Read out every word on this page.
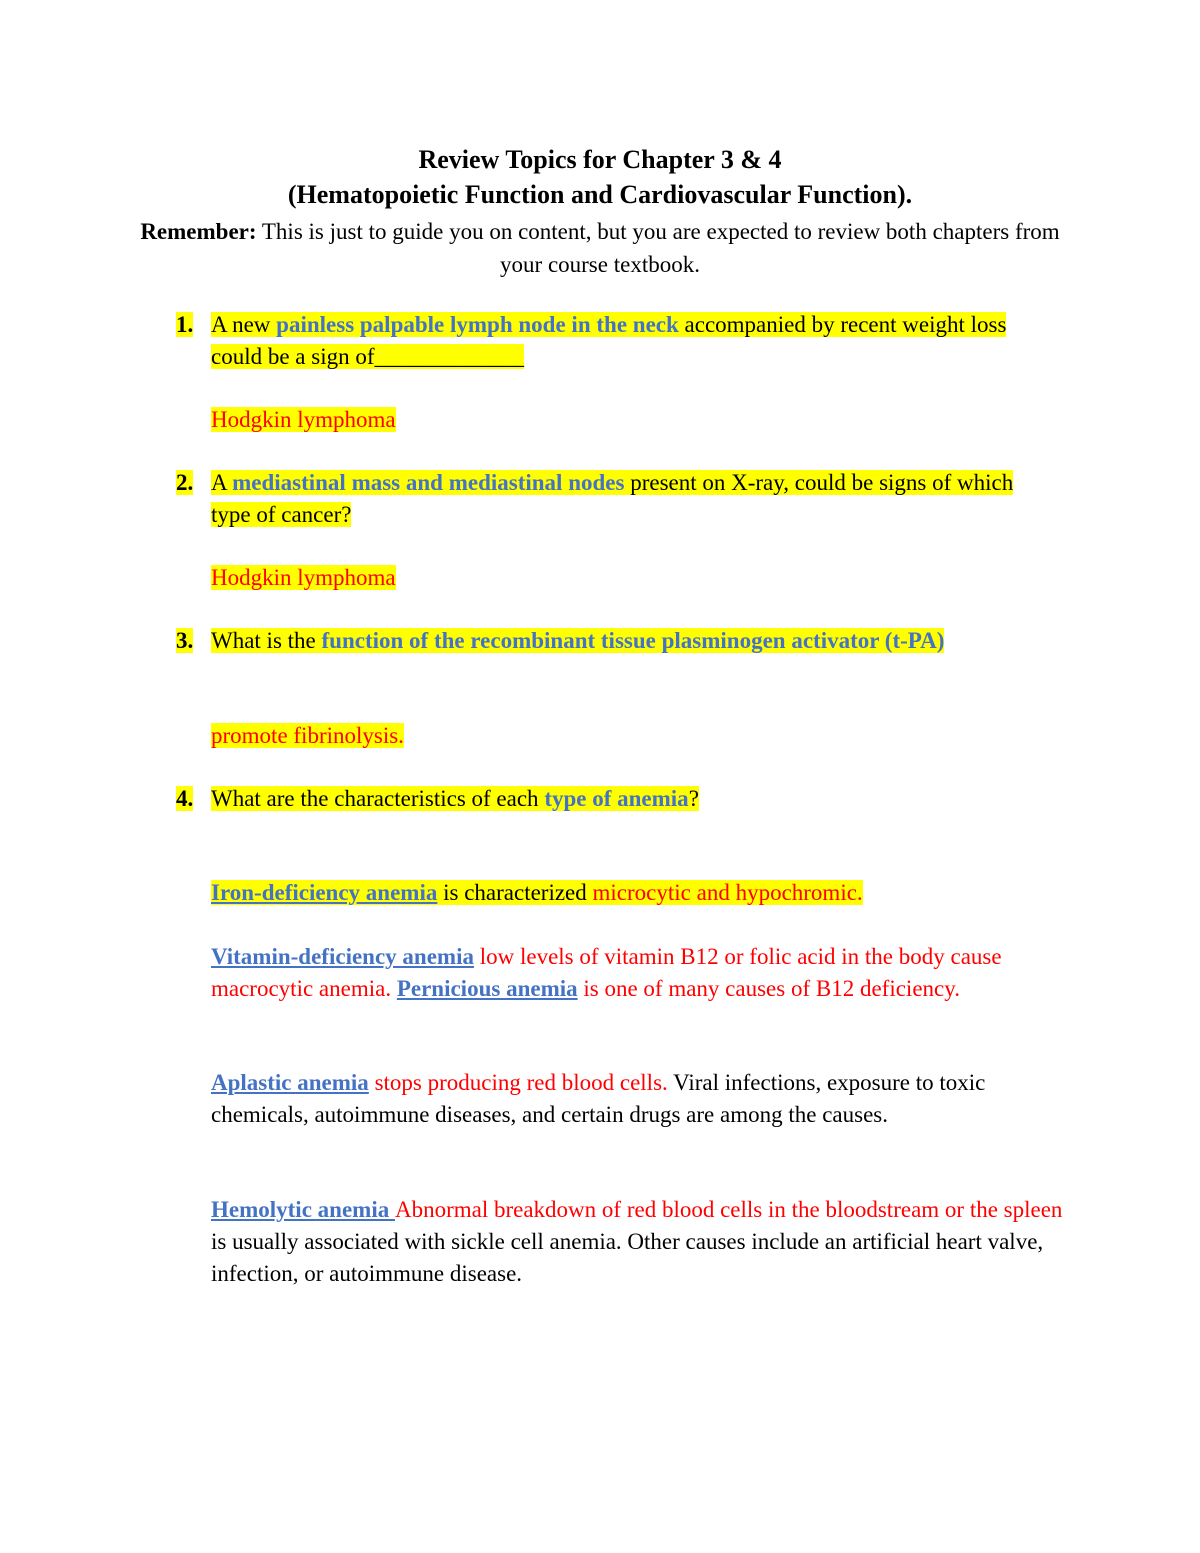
Review Topics for Chapter 3 & 4
(Hematopoietic Function and Cardiovascular Function).

Remember: This is just to guide you on content, but you are expected to review both chapters from your course textbook.

1. A new painless palpable lymph node in the neck accompanied by recent weight loss could be a sign of_____________

Hodgkin lymphoma

2. A mediastinal mass and mediastinal nodes present on X-ray, could be signs of which type of cancer?

Hodgkin lymphoma

3. What is the function of the recombinant tissue plasminogen activator (t-PA)

promote fibrinolysis.

4. What are the characteristics of each type of anemia?

Iron-deficiency anemia is characterized microcytic and hypochromic.

Vitamin-deficiency anemia low levels of vitamin B12 or folic acid in the body cause macrocytic anemia. Pernicious anemia is one of many causes of B12 deficiency.

Aplastic anemia stops producing red blood cells. Viral infections, exposure to toxic chemicals, autoimmune diseases, and certain drugs are among the causes.

Hemolytic anemia Abnormal breakdown of red blood cells in the bloodstream or the spleen is usually associated with sickle cell anemia. Other causes include an artificial heart valve, infection, or autoimmune disease.
